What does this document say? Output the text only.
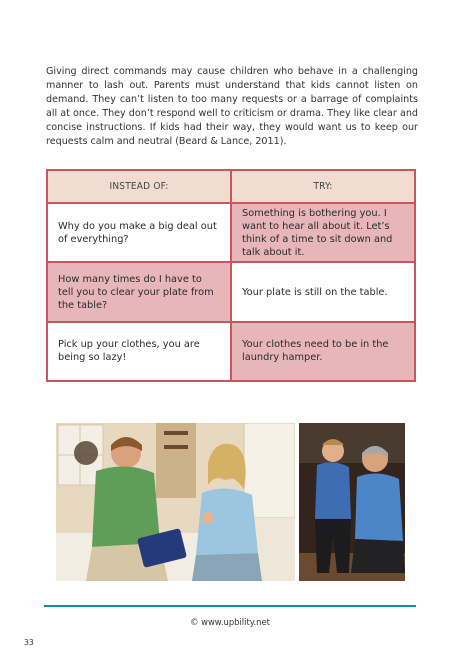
Giving direct commands may cause children who behave in a challenging manner to lash out. Parents must understand that kids cannot listen on demand. They can’t listen to too many requests or a barrage of complaints all at once. They don’t respond well to criticism or drama. They like clear and concise instructions. If kids had their way, they would want us to keep our requests calm and neutral (Beard & Lance, 2011).

INSTEAD OF:	TRY:
Why do you make a big deal out of everything?	Something is bothering you. I want to hear all about it. Let’s think of a time to sit down and talk about it.
How many times do I have to tell you to clear your plate from the table?	Your plate is still on the table.
Pick up your clothes, you are being so lazy!	Your clothes need to be in the laundry hamper.
© www.upbility.net
33
